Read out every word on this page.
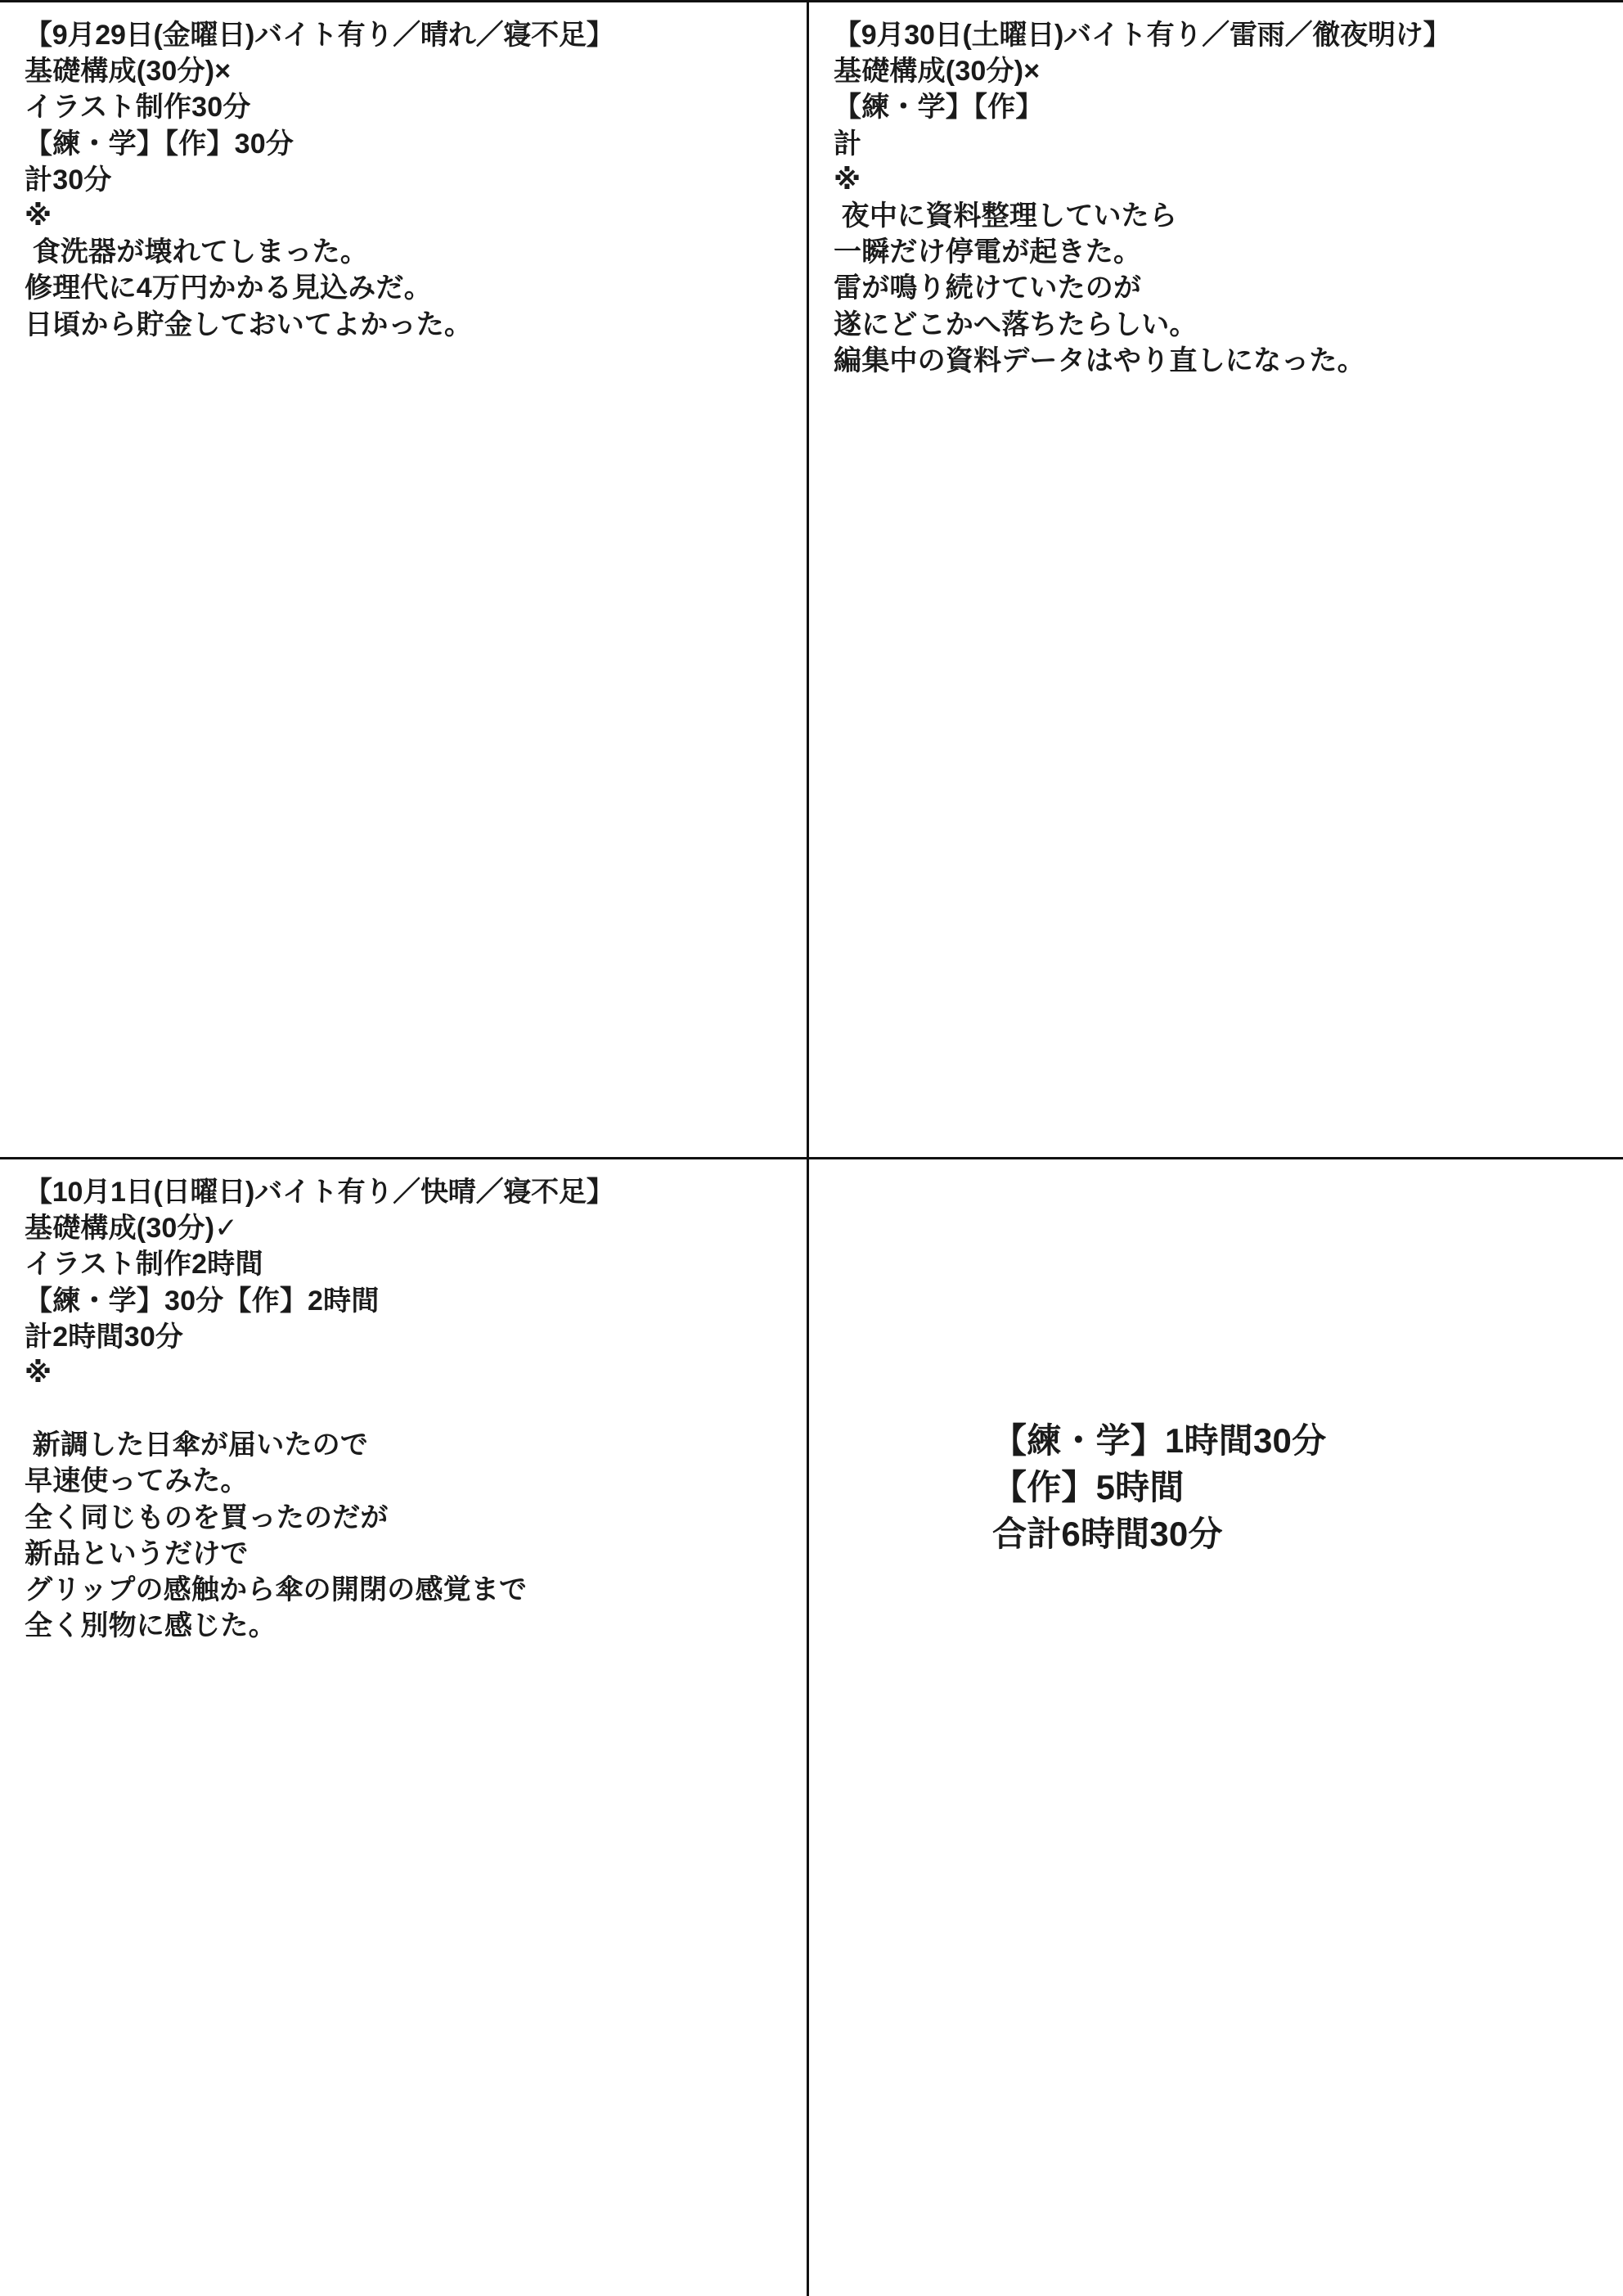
【9月29日(金曜日)バイト有り／晴れ／寝不足】
基礎構成(30分)×
イラスト制作30分
【練・学】【作】30分
計30分
※
食洗器が壊れてしまった。
修理代に4万円かかる見込みだ。
日頃から貯金しておいてよかった。
【9月30日(土曜日)バイト有り／雷雨／徹夜明け】
基礎構成(30分)×
【練・学】【作】
計
※
夜中に資料整理していたら
一瞬だけ停電が起きた。
雷が鳴り続けていたのが
遂にどこかへ落ちたらしい。
編集中の資料データはやり直しになった。
【10月1日(日曜日)バイト有り／快晴／寝不足】
基礎構成(30分)✓
イラスト制作2時間
【練・学】30分【作】2時間
計2時間30分
※
新調した日傘が届いたので
早速使ってみた。
全く同じものを買ったのだが
新品というだけで
グリップの感触から傘の開閉の感覚まで
全く別物に感じた。
【練・学】1時間30分
【作】5時間
合計6時間30分
